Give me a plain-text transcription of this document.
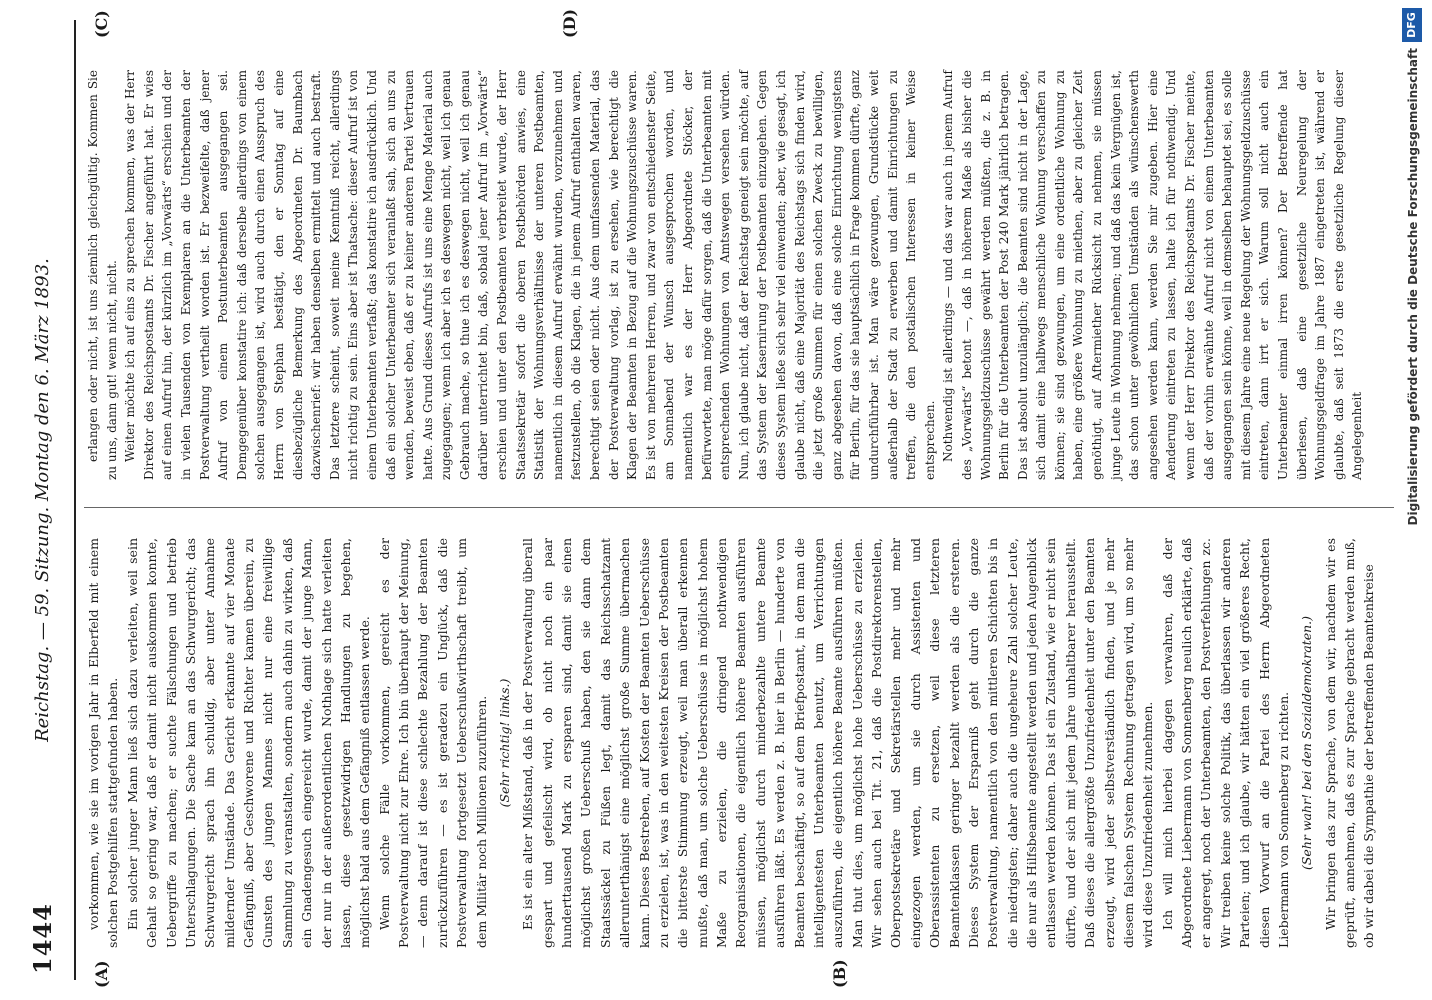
1444
Reichstag. — 59. Sitzung. Montag den 6. März 1893.
(A)	(B)
(C)	(D)

vorkommen, wie sie im vorigen Jahr in Elberfeld mit einem solchen Postgehilfen stattgefunden haben. Ein solcher junger Mann ließ sich dazu verleiten, weil sein Gehalt so gering war, daß er damit nicht auskommen konnte, Uebergriffe zu machen; er suchte Fälschungen und betrieb Unterschlagungen. Die Sache kam an das Schwurgericht; das Schwurgericht sprach ihn schuldig, aber unter Annahme mildernder Umstände. Das Gericht erkannte auf vier Monate Gefängniß, aber Geschworene und Richter kamen überein, zu Gunsten des jungen Mannes nicht nur eine freiwillige Sammlung zu veranstalten, sondern auch dahin zu wirken, daß ein Gnadengesuch eingereicht wurde, damit der junge Mann, der nur in der außerordentlichen Nothlage sich hatte verleiten lassen, diese gesetzwidrigen Handlungen zu begehen, möglichst bald aus dem Gefängniß entlassen werde. Wenn solche Fälle vorkommen, gereicht es der Postverwaltung nicht zur Ehre. Ich bin überhaupt der Meinung, — denn darauf ist diese schlechte Bezahlung der Beamten zurückzuführen — es ist geradezu ein Unglück, daß die Postverwaltung fortgesetzt Ueberschußwirthschaft treibt, um dem Militär noch Millionen zuzuführen. (Sehr richtig! links.) Es ist ein alter Mißstand, daß in der Postverwaltung überall gespart und gefeilscht wird, ob nicht noch ein paar hunderttausend Mark zu ersparen sind, damit sie einen möglichst großen Ueberschuß haben, den sie dann dem Staatssäckel zu Füßen legt, damit das Reichsschatzamt allerunterthänigst eine möglichst große Summe übermachen kann. Dieses Bestreben, auf Kosten der Beamten Ueberschüsse zu erzielen, ist, was in den weitesten Kreisen der Postbeamten die bitterste Stimmung erzeugt, weil man überall erkennen mußte, daß man, um solche Ueberschüsse in möglichst hohem Maße zu erzielen, die dringend nothwendigen Reorganisationen, die eigentlich höhere Beamten ausführen müssen, möglichst durch minderbezahlte untere Beamte ausführen läßt. Es werden z. B. hier in Berlin — hunderte von Beamten beschäftigt, so auf dem Briefpostamt, in dem man die intelligentesten Unterbeamten benutzt, um Verrichtungen auszuführen, die eigentlich höhere Beamte ausführen müßten. Man thut dies, um möglichst hohe Ueberschüsse zu erzielen. Wir sehen auch bei Tit. 21, daß die Postdirektorenstellen, Oberpostsekretäre und Sekretärstellen mehr und mehr eingezogen werden, um sie durch Assistenten und Oberassistenten zu ersetzen, weil diese letzteren Beamtenklassen geringer bezahlt werden als die ersteren. Dieses System der Ersparniß geht durch die ganze Postverwaltung, namentlich von den mittleren Schichten bis in die niedrigsten; daher auch die ungeheure Zahl solcher Leute, die nur als Hilfsbeamte angestellt werden und jeden Augenblick entlassen werden können. Das ist ein Zustand, wie er nicht sein dürfte, und der sich mit jedem Jahre unhaltbarer herausstellt. Daß dieses die allergrößte Unzufriedenheit unter den Beamten erzeugt, wird jeder selbstverständlich finden, und je mehr diesem falschen System Rechnung getragen wird, um so mehr wird diese Unzufriedenheit zunehmen. Ich will mich hierbei dagegen verwahren, daß der Abgeordnete Liebermann von Sonnenberg neulich erklärte, daß er angeregt, noch der Unterbeamten, den Postverfehlungen zc. Wir treiben keine solche Politik, das überlassen wir anderen Parteien; und ich glaube, wir hätten ein viel größeres Recht, diesen Vorwurf an die Partei des Herrn Abgeordneten Liebermann von Sonnenberg zu richten. (Sehr wahr! bei den Sozialdemokraten.) Wir bringen das zur Sprache, von dem wir, nachdem wir es geprüft, annehmen, daß es zur Sprache gebracht werden muß, ob wir dabei die Sympathie der betreffenden Beamtenkreise

erlangen oder nicht, ist uns ziemlich gleichgültig. Kommen Sie zu uns, dann gut! wenn nicht, nicht. Weiter möchte ich auf eins zu sprechen kommen, was der Herr Direktor des Reichspostamts Dr. Fischer angeführt hat. Er wies auf einen Aufruf hin, der kürzlich im „Vorwärts“ erschien und der in vielen Tausenden von Exemplaren an die Unterbeamten der Postverwaltung vertheilt worden ist. Er bezweifelte, daß jener Aufruf von einem Postunterbeamten ausgegangen sei. Demgegenüber konstatire ich: daß derselbe allerdings von einem solchen ausgegangen ist, wird auch durch einen Ausspruch des Herrn von Stephan bestätigt, den er Sonntag auf eine diesbezügliche Bemerkung des Abgeordneten Dr. Baumbach dazwischenrief: wir haben denselben ermittelt und auch bestraft. Das letztere scheint, soweit meine Kenntniß reicht, allerdings nicht richtig zu sein. Eins aber ist Thatsache: dieser Aufruf ist von einem Unterbeamten verfaßt; das konstatire ich ausdrücklich. Und daß ein solcher Unterbeamter sich veranlaßt sah, sich an uns zu wenden, beweist eben, daß er zu keiner anderen Partei Vertrauen hatte. Aus Grund dieses Aufrufs ist uns eine Menge Material auch zugegangen; wenn ich aber ich es deswegen nicht, weil ich genau Gebrauch mache, so thue ich es deswegen nicht, weil ich genau darüber unterrichtet bin, daß, sobald jener Aufruf im „Vorwärts“ erschien und unter den Postbeamten verbreitet wurde, der Herr Staatssekretär sofort die oberen Postbehörden anwies, eine Statistik der Wohnungsverhältnisse der unteren Postbeamten, namentlich in diesem Aufruf erwähnt wurden, vorzunehmen und festzustellen, ob die Klagen, die in jenem Aufruf enthalten waren, berechtigt seien oder nicht. Aus dem umfassenden Material, das der Postverwaltung vorlag, ist zu ersehen, wie berechtigt die Klagen der Beamten in Bezug auf die Wohnungszuschüsse waren. Es ist von mehreren Herren, und zwar von entschiedenster Seite, am Sonnabend der Wunsch ausgesprochen worden, und namentlich war es der Herr Abgeordnete Stöcker, der befürwortete, man möge dafür sorgen, daß die Unterbeamten mit entsprechenden Wohnungen von Amtswegen versehen würden. Nun, ich glaube nicht, daß der Reichstag geneigt sein möchte, auf das System der Kasernirung der Postbeamten einzugehen. Gegen dieses System ließe sich sehr viel einwenden; aber, wie gesagt, ich glaube nicht, daß eine Majorität des Reichstags sich finden wird, die jetzt große Summen für einen solchen Zweck zu bewilligen, ganz abgesehen davon, daß eine solche Einrichtung wenigstens für Berlin, für das sie hauptsächlich in Frage kommen dürfte, ganz undurchführbar ist. Man wäre gezwungen, Grundstücke weit außerhalb der Stadt zu erwerben und damit Einrichtungen zu treffen, die den postalischen Interessen in keiner Weise entsprechen. Nothwendig ist allerdings — und das war auch in jenem Aufruf des „Vorwärts“ betont —, daß in höherem Maße als bisher die Wohnungsgeldzuschüsse gewährt werden müßten, die z. B. in Berlin für die Unterbeamten der Post 240 Mark jährlich betragen. Das ist absolut unzulänglich; die Beamten sind nicht in der Lage, sich damit eine halbwegs menschliche Wohnung verschaffen zu können; sie sind gezwungen, um eine ordentliche Wohnung zu haben, eine größere Wohnung zu miethen, aber zu gleicher Zeit genöthigt, auf Aftermiether Rücksicht zu nehmen, sie müssen junge Leute in Wohnung nehmen; und daß das kein Vergnügen ist, das schon unter gewöhnlichen Umständen als wünschenswerth angesehen werden kann, werden Sie mir zugeben. Hier eine Aenderung eintreten zu lassen, halte ich für nothwendig. Und wenn der Herr Direktor des Reichspostamts Dr. Fischer meinte, daß der vorhin erwähnte Aufruf nicht von einem Unterbeamten ausgegangen sein könne, weil in demselben behauptet sei, es solle mit diesem Jahre eine neue Regelung der Wohnungsgeldzuschüsse eintreten, dann irrt er sich. Warum soll nicht auch ein Unterbeamter einmal irren können? Der Betreffende hat überlesen, daß eine gesetzliche Neuregelung der Wohnungsgeldfrage im Jahre 1887 eingetreten ist, während er glaubte, daß seit 1873 die erste gesetzliche Regelung dieser Angelegenheit	Digitalisierung gefördert durch die Deutsche Forschungsgemeinschaft
DFG
